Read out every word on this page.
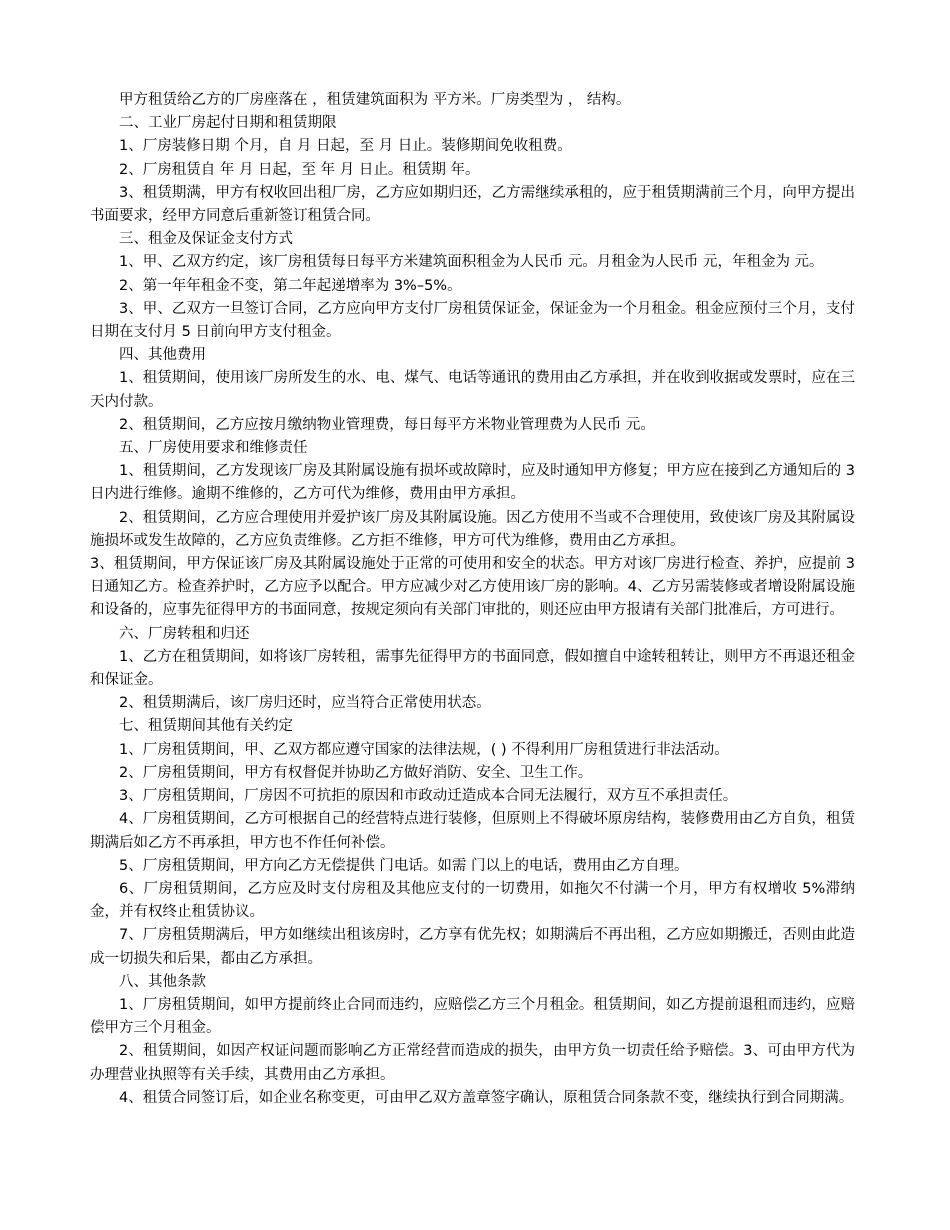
甲方租赁给乙方的厂房座落在 ，租赁建筑面积为 平方米。厂房类型为 ， 结构。

二、工业厂房起付日期和租赁期限

1、厂房装修日期 个月，自 月 日起，至 月 日止。装修期间免收租费。

2、厂房租赁自 年 月 日起，至 年 月 日止。租赁期 年。

3、租赁期满，甲方有权收回出租厂房，乙方应如期归还，乙方需继续承租的，应于租赁期满前三个月，向甲方提出书面要求，经甲方同意后重新签订租赁合同。

三、租金及保证金支付方式

1、甲、乙双方约定，该厂房租赁每日每平方米建筑面积租金为人民币 元。月租金为人民币 元，年租金为 元。

2、第一年年租金不变，第二年起递增率为 3%–5%。

3、甲、乙双方一旦签订合同，乙方应向甲方支付厂房租赁保证金，保证金为一个月租金。租金应预付三个月，支付日期在支付月 5 日前向甲方支付租金。

四、其他费用

1、租赁期间，使用该厂房所发生的水、电、煤气、电话等通讯的费用由乙方承担，并在收到收据或发票时，应在三天内付款。

2、租赁期间，乙方应按月缴纳物业管理费，每日每平方米物业管理费为人民币 元。

五、厂房使用要求和维修责任

1、租赁期间，乙方发现该厂房及其附属设施有损坏或故障时，应及时通知甲方修复；甲方应在接到乙方通知后的 3 日内进行维修。逾期不维修的，乙方可代为维修，费用由甲方承担。

2、租赁期间，乙方应合理使用并爱护该厂房及其附属设施。因乙方使用不当或不合理使用，致使该厂房及其附属设施损坏或发生故障的，乙方应负责维修。乙方拒不维修，甲方可代为维修，费用由乙方承担。

3、租赁期间，甲方保证该厂房及其附属设施处于正常的可使用和安全的状态。甲方对该厂房进行检查、养护，应提前 3 日通知乙方。检查养护时，乙方应予以配合。甲方应减少对乙方使用该厂房的影响。4、乙方另需装修或者增设附属设施和设备的，应事先征得甲方的书面同意，按规定须向有关部门审批的，则还应由甲方报请有关部门批准后，方可进行。

六、厂房转租和归还

1、乙方在租赁期间，如将该厂房转租，需事先征得甲方的书面同意，假如擅自中途转租转让，则甲方不再退还租金和保证金。

2、租赁期满后，该厂房归还时，应当符合正常使用状态。

七、租赁期间其他有关约定

1、厂房租赁期间，甲、乙双方都应遵守国家的法律法规，( ) 不得利用厂房租赁进行非法活动。

2、厂房租赁期间，甲方有权督促并协助乙方做好消防、安全、卫生工作。

3、厂房租赁期间，厂房因不可抗拒的原因和市政动迁造成本合同无法履行，双方互不承担责任。

4、厂房租赁期间，乙方可根据自己的经营特点进行装修，但原则上不得破坏原房结构，装修费用由乙方自负，租赁期满后如乙方不再承担，甲方也不作任何补偿。

5、厂房租赁期间，甲方向乙方无偿提供 门电话。如需 门以上的电话，费用由乙方自理。

6、厂房租赁期间，乙方应及时支付房租及其他应支付的一切费用，如拖欠不付满一个月，甲方有权增收 5%滞纳金，并有权终止租赁协议。

7、厂房租赁期满后，甲方如继续出租该房时，乙方享有优先权；如期满后不再出租，乙方应如期搬迁，否则由此造成一切损失和后果，都由乙方承担。

八、其他条款

1、厂房租赁期间，如甲方提前终止合同而违约，应赔偿乙方三个月租金。租赁期间，如乙方提前退租而违约，应赔偿甲方三个月租金。

2、租赁期间，如因产权证问题而影响乙方正常经营而造成的损失，由甲方负一切责任给予赔偿。3、可由甲方代为办理营业执照等有关手续，其费用由乙方承担。

4、租赁合同签订后，如企业名称变更，可由甲乙双方盖章签字确认，原租赁合同条款不变，继续执行到合同期满。
